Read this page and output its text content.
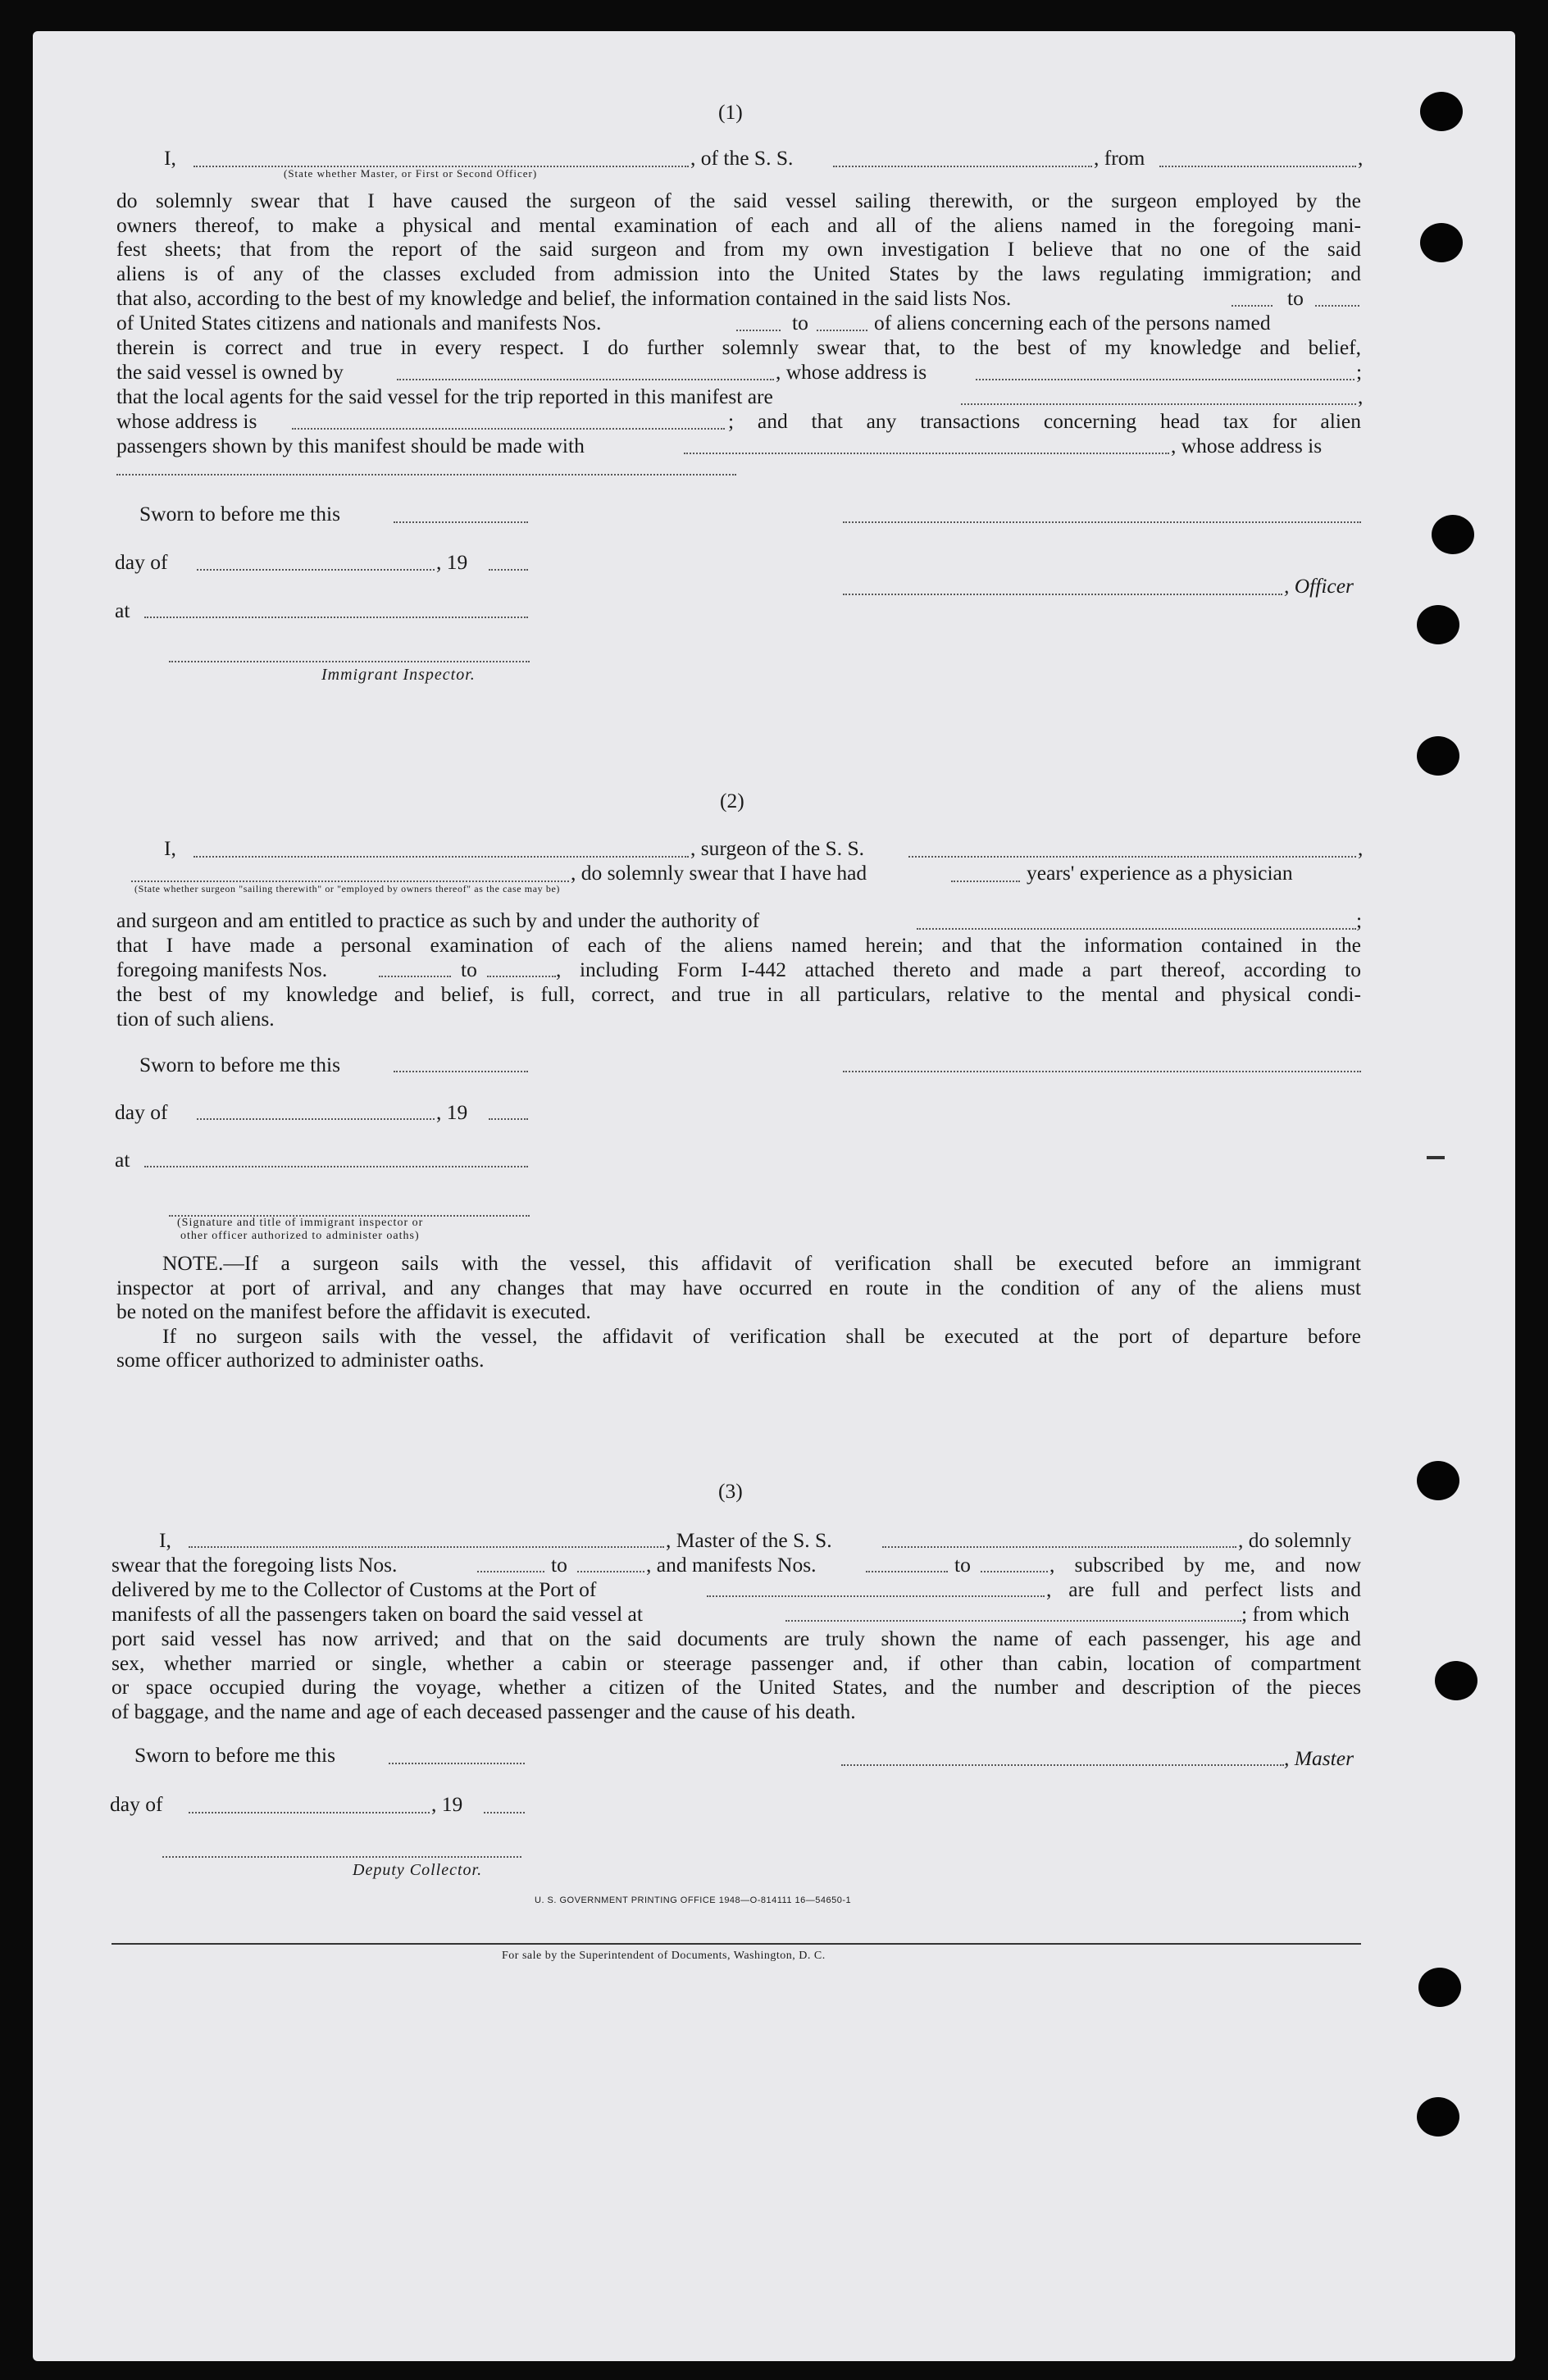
(1)
I,
(State whether Master, or First or Second Officer)
, of the S. S.	, from	,
do solemnly swear that I have caused the surgeon of the said vessel sailing therewith, or the surgeon employed by the
owners thereof, to make a physical and mental examination of each and all of the aliens named in the foregoing mani-
fest sheets; that from the report of the said surgeon and from my own investigation I believe that no one of the said
aliens is of any of the classes excluded from admission into the United States by the laws regulating immigration; and
that also, according to the best of my knowledge and belief, the information contained in the said lists Nos.	to
of United States citizens and nationals and manifests Nos.	to	of aliens concerning each of the persons named
therein is correct and true in every respect. I do further solemnly swear that, to the best of my knowledge and belief,
the said vessel is owned by	, whose address is	;
that the local agents for the said vessel for the trip reported in this manifest are	,
whose address is	; and that any transactions concerning head tax for alien
passengers shown by this manifest should be made with	, whose address is
Sworn to before me this
day of	, 19
, Officer
at
Immigrant Inspector.
(2)
I,	, surgeon of the S. S.	,
, do solemnly swear that I have had	years' experience as a physician
(State whether surgeon "sailing therewith" or "employed by owners thereof" as the case may be)
and surgeon and am entitled to practice as such by and under the authority of	;
that I have made a personal examination of each of the aliens named herein; and that the information contained in the
foregoing manifests Nos.	to	, including Form I-442 attached thereto and made a part thereof, according to
the best of my knowledge and belief, is full, correct, and true in all particulars, relative to the mental and physical condi-
tion of such aliens.
Sworn to before me this
day of	, 19
at
(Signature and title of immigrant inspector or
other officer authorized to administer oaths)
NOTE.—If a surgeon sails with the vessel, this affidavit of verification shall be executed before an immigrant
inspector at port of arrival, and any changes that may have occurred en route in the condition of any of the aliens must
be noted on the manifest before the affidavit is executed.
If no surgeon sails with the vessel, the affidavit of verification shall be executed at the port of departure before
some officer authorized to administer oaths.
(3)
I,	, Master of the S. S.	, do solemnly
swear that the foregoing lists Nos.	to	, and manifests Nos.	to	, subscribed by me, and now
delivered by me to the Collector of Customs at the Port of	, are full and perfect lists and
manifests of all the passengers taken on board the said vessel at	; from which
port said vessel has now arrived; and that on the said documents are truly shown the name of each passenger, his age and
sex, whether married or single, whether a cabin or steerage passenger and, if other than cabin, location of compartment
or space occupied during the voyage, whether a citizen of the United States, and the number and description of the pieces
of baggage, and the name and age of each deceased passenger and the cause of his death.
Sworn to before me this	, Master
day of	, 19
Deputy Collector.
U. S. GOVERNMENT PRINTING OFFICE 1948—O-814111 16—54650-1
For sale by the Superintendent of Documents, Washington, D. C.
